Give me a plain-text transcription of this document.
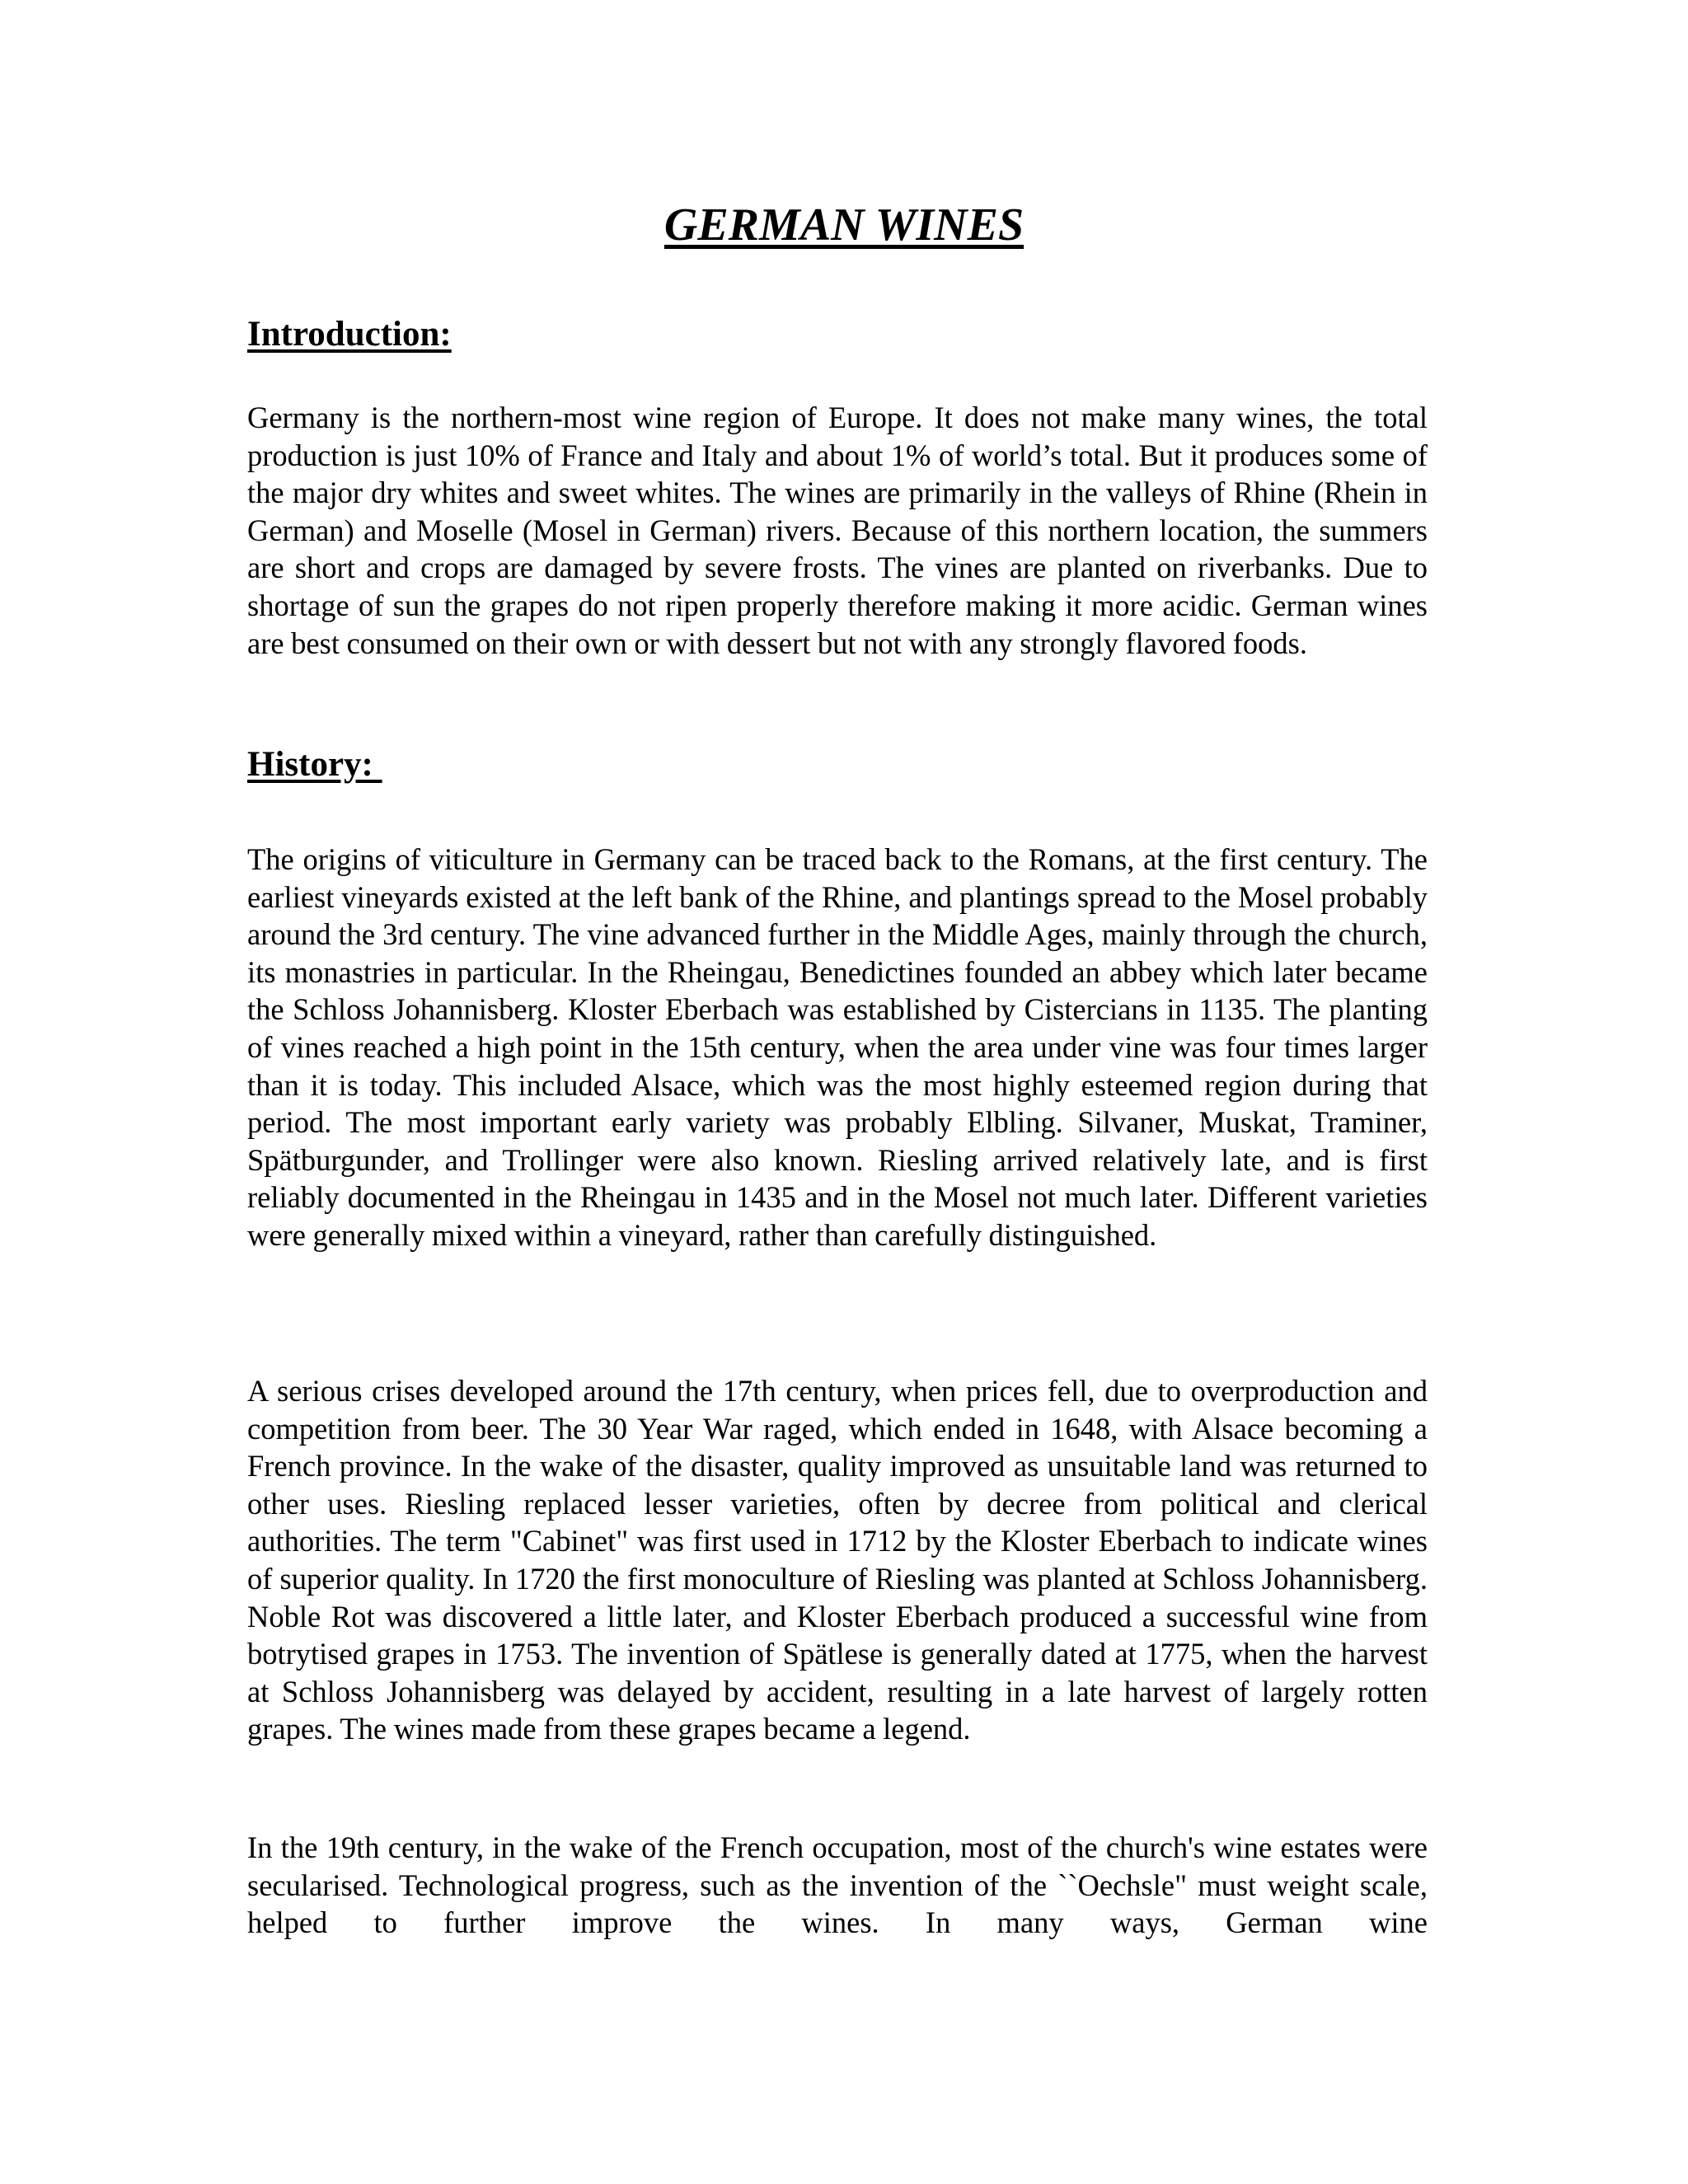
GERMAN WINES
Introduction:

Germany is the northern-most wine region of Europe. It does not make many wines, the total production is just 10% of France and Italy and about 1% of world’s total. But it produces some of the major dry whites and sweet whites. The wines are primarily in the valleys of Rhine (Rhein in German) and Moselle (Mosel in German) rivers. Because of this northern location, the summers are short and crops are damaged by severe frosts. The vines are planted on riverbanks. Due to shortage of sun the grapes do not ripen properly therefore making it more acidic. German wines are best consumed on their own or with dessert but not with any strongly flavored foods.

History:

The origins of viticulture in Germany can be traced back to the Romans, at the first century. The earliest vineyards existed at the left bank of the Rhine, and plantings spread to the Mosel probably around the 3rd century. The vine advanced further in the Middle Ages, mainly through the church, its monastries in particular. In the Rheingau, Benedictines founded an abbey which later became the Schloss Johannisberg. Kloster Eberbach was established by Cistercians in 1135. The planting of vines reached a high point in the 15th century, when the area under vine was four times larger than it is today. This included Alsace, which was the most highly esteemed region during that period. The most important early variety was probably Elbling. Silvaner, Muskat, Traminer, Spätburgunder, and Trollinger were also known. Riesling arrived relatively late, and is first reliably documented in the Rheingau in 1435 and in the Mosel not much later. Different varieties were generally mixed within a vineyard, rather than carefully distinguished.

A serious crises developed around the 17th century, when prices fell, due to overproduction and competition from beer. The 30 Year War raged, which ended in 1648, with Alsace becoming a French province. In the wake of the disaster, quality improved as unsuitable land was returned to other uses. Riesling replaced lesser varieties, often by decree from political and clerical authorities. The term "Cabinet" was first used in 1712 by the Kloster Eberbach to indicate wines of superior quality. In 1720 the first monoculture of Riesling was planted at Schloss Johannisberg. Noble Rot was discovered a little later, and Kloster Eberbach produced a successful wine from botrytised grapes in 1753. The invention of Spätlese is generally dated at 1775, when the harvest at Schloss Johannisberg was delayed by accident, resulting in a late harvest of largely rotten grapes. The wines made from these grapes became a legend.

In the 19th century, in the wake of the French occupation, most of the church's wine estates were secularised. Technological progress, such as the invention of the ``Oechsle" must weight scale, helped to further improve the wines. In many ways, German wine
